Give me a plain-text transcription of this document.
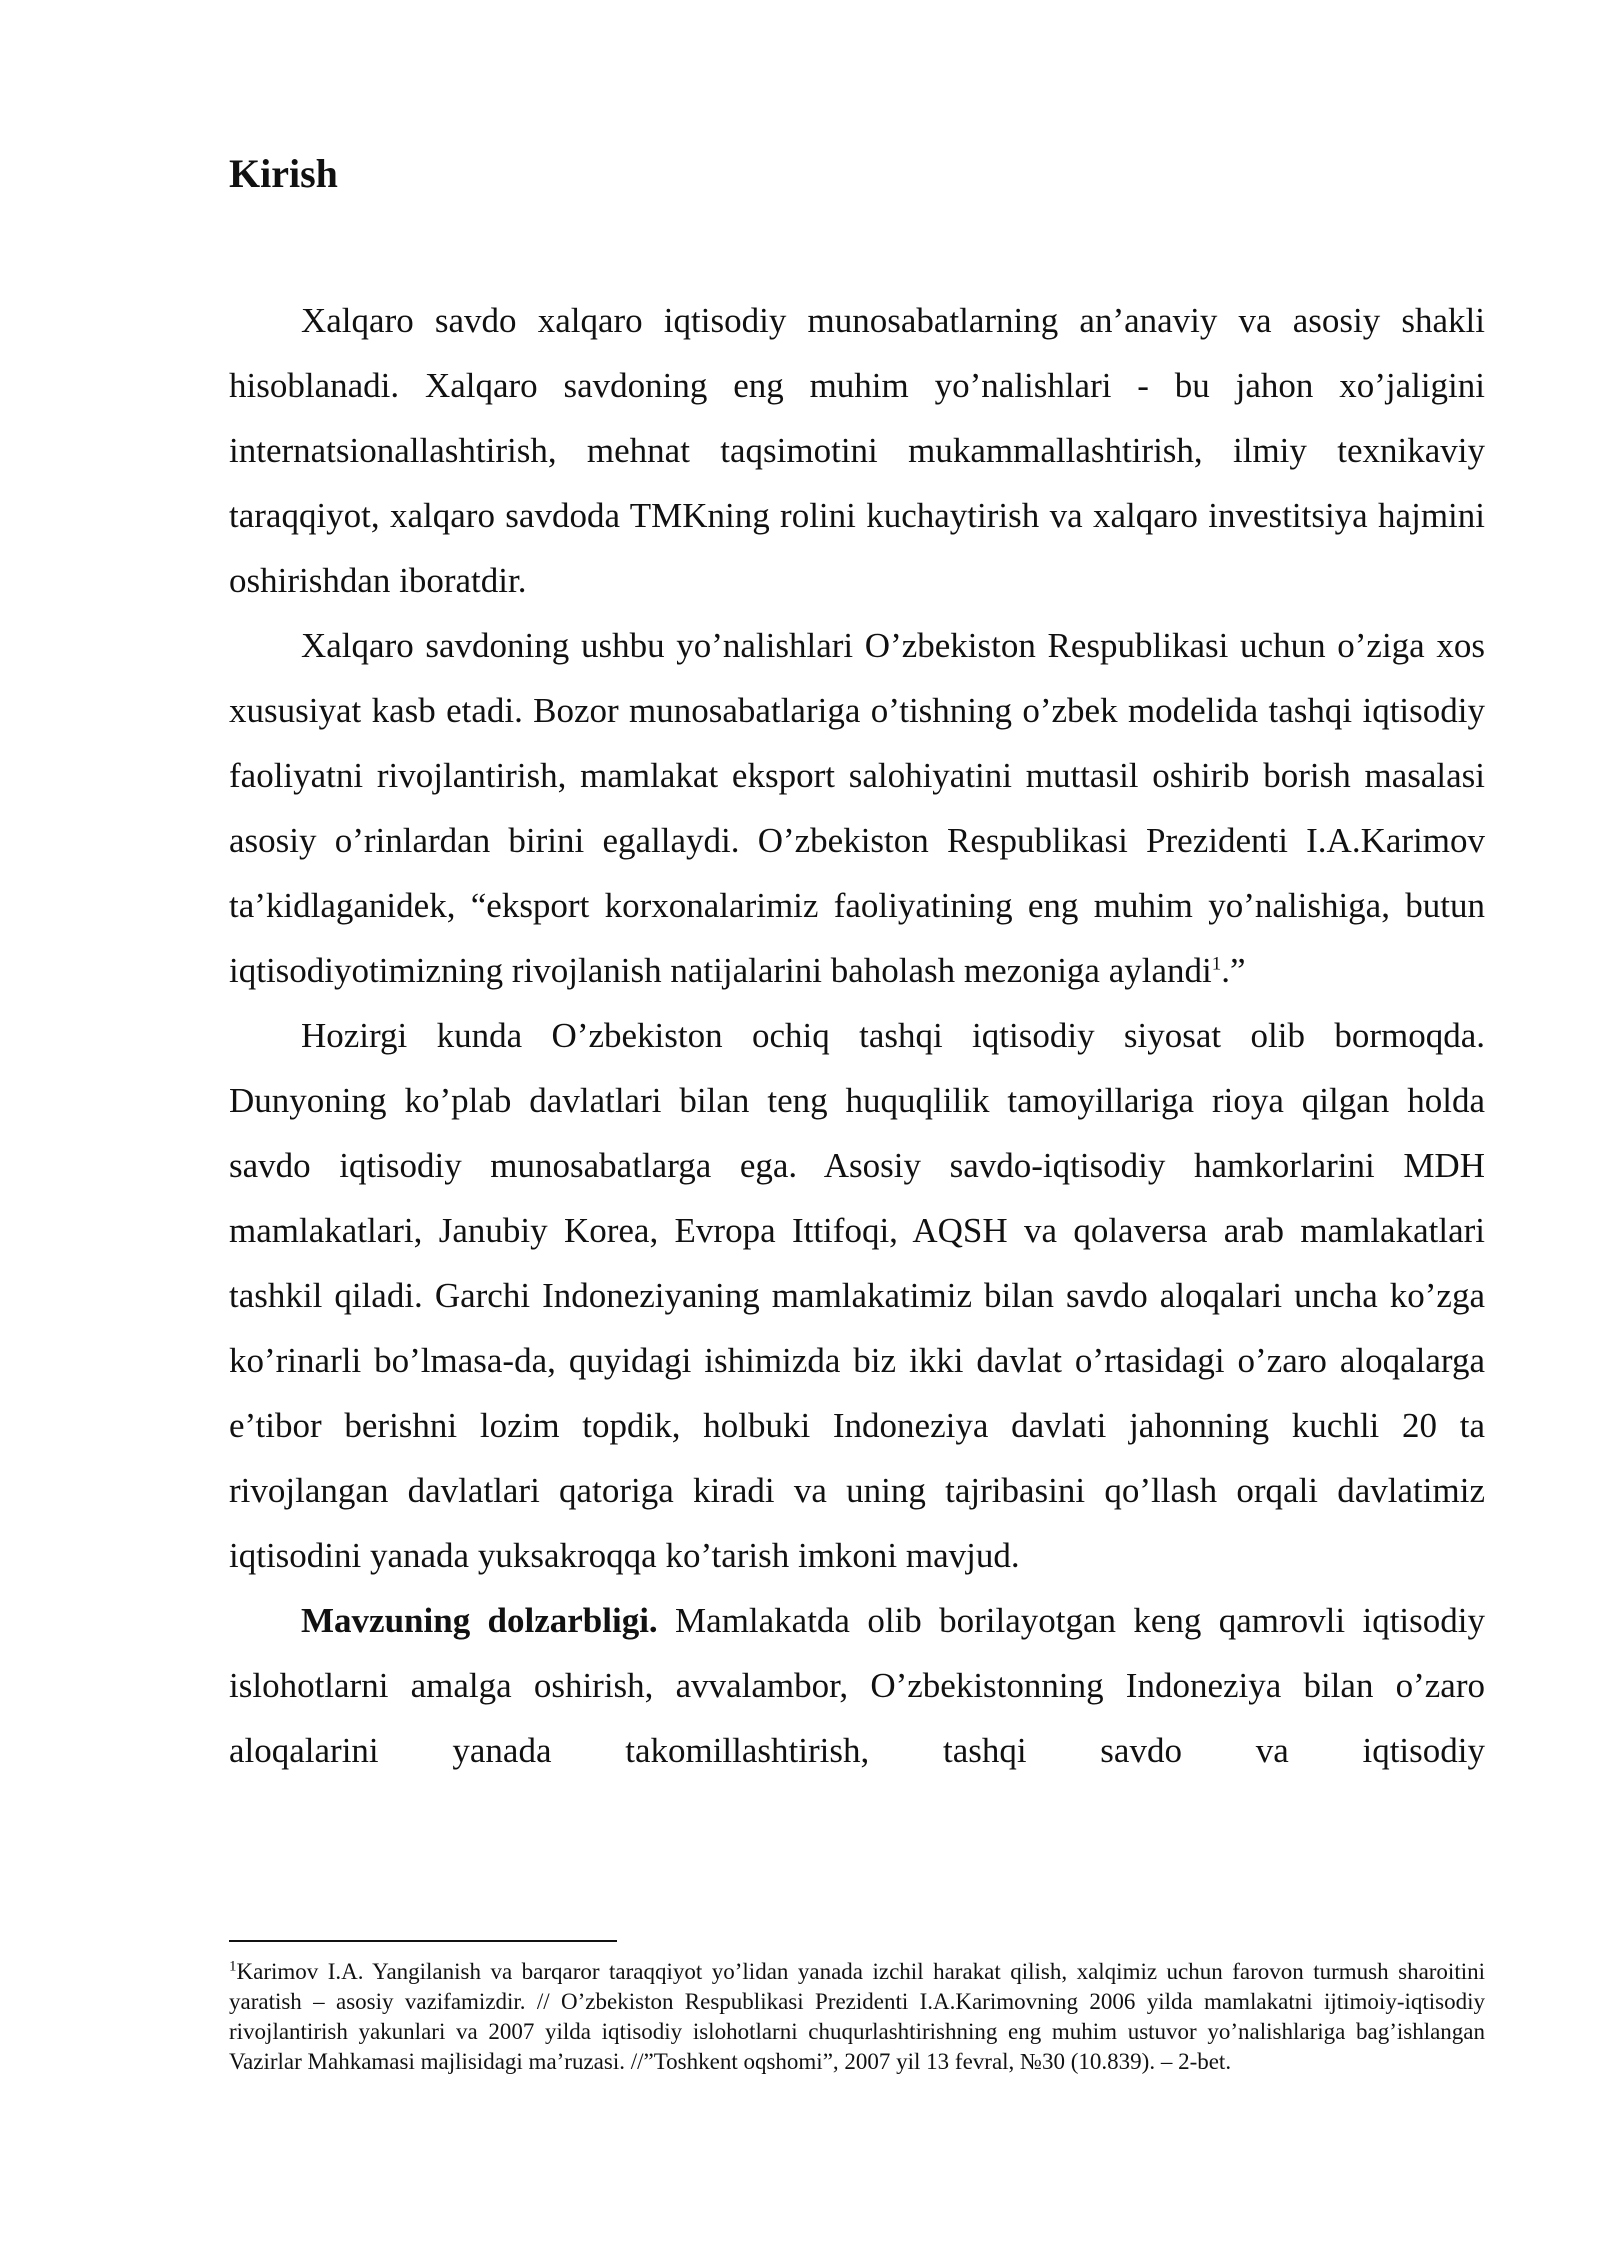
Kirish

Xalqaro savdo xalqaro iqtisodiy munosabatlarning an’anaviy va asosiy shakli hisoblanadi. Xalqaro savdoning eng muhim yo’nalishlari - bu jahon xo’jaligini internatsionallashtirish, mehnat taqsimotini mukammallashtirish, ilmiy texnikaviy taraqqiyot, xalqaro savdoda TMKning rolini kuchaytirish va xalqaro investitsiya hajmini oshirishdan iboratdir.

Xalqaro savdoning ushbu yo’nalishlari O’zbekiston Respublikasi uchun o’ziga xos xususiyat kasb etadi. Bozor munosabatlariga o’tishning o’zbek modelida tashqi iqtisodiy faoliyatni rivojlantirish, mamlakat eksport salohiyatini muttasil oshirib borish masalasi asosiy o’rinlardan birini egallaydi. O’zbekiston Respublikasi Prezidenti I.A.Karimov ta’kidlaganidek, “eksport korxonalarimiz faoliyatining eng muhim yo’nalishiga, butun iqtisodiyotimizning rivojlanish natijalarini baholash mezoniga aylandi$^1$.”

Hozirgi kunda O’zbekiston ochiq tashqi iqtisodiy siyosat olib bormoqda. Dunyoning ko’plab davlatlari bilan teng huquqlilik tamoyillariga rioya qilgan holda savdo iqtisodiy munosabatlarga ega. Asosiy savdo-iqtisodiy hamkorlarini MDH mamlakatlari, Janubiy Korea, Evropa Ittifoqi, AQSH va qolaversa arab mamlakatlari tashkil qiladi. Garchi Indoneziyaning mamlakatimiz bilan savdo aloqalari uncha ko’zga ko’rinarli bo’lmasa-da, quyidagi ishimizda biz ikki davlat o’rtasidagi o’zaro aloqalarga e’tibor berishni lozim topdik, holbuki Indoneziya davlati jahonning kuchli 20 ta rivojlangan davlatlari qatoriga kiradi va uning tajribasini qo’llash orqali davlatimiz iqtisodini yanada yuksakroqqa ko’tarish imkoni mavjud.

Mavzuning dolzarbligi. Mamlakatda olib borilayotgan keng qamrovli iqtisodiy islohotlarni amalga oshirish, avvalambor, O’zbekistonning Indoneziya bilan o’zaro aloqalarini yanada takomillashtirish, tashqi savdo va iqtisodiy

$^1$Karimov I.A. Yangilanish va barqaror taraqqiyot yo’lidan yanada izchil harakat qilish, xalqimiz uchun farovon turmush sharoitini yaratish – asosiy vazifamizdir. // O’zbekiston Respublikasi Prezidenti I.A.Karimovning 2006 yilda mamlakatni ijtimoiy-iqtisodiy rivojlantirish yakunlari va 2007 yilda iqtisodiy islohotlarni chuqurlashtirishning eng muhim ustuvor yo’nalishlariga bag’ishlangan Vazirlar Mahkamasi majlisidagi ma’ruzasi. //”Toshkent oqshomi”, 2007 yil 13 fevral, №30 (10.839). – 2-bet.
